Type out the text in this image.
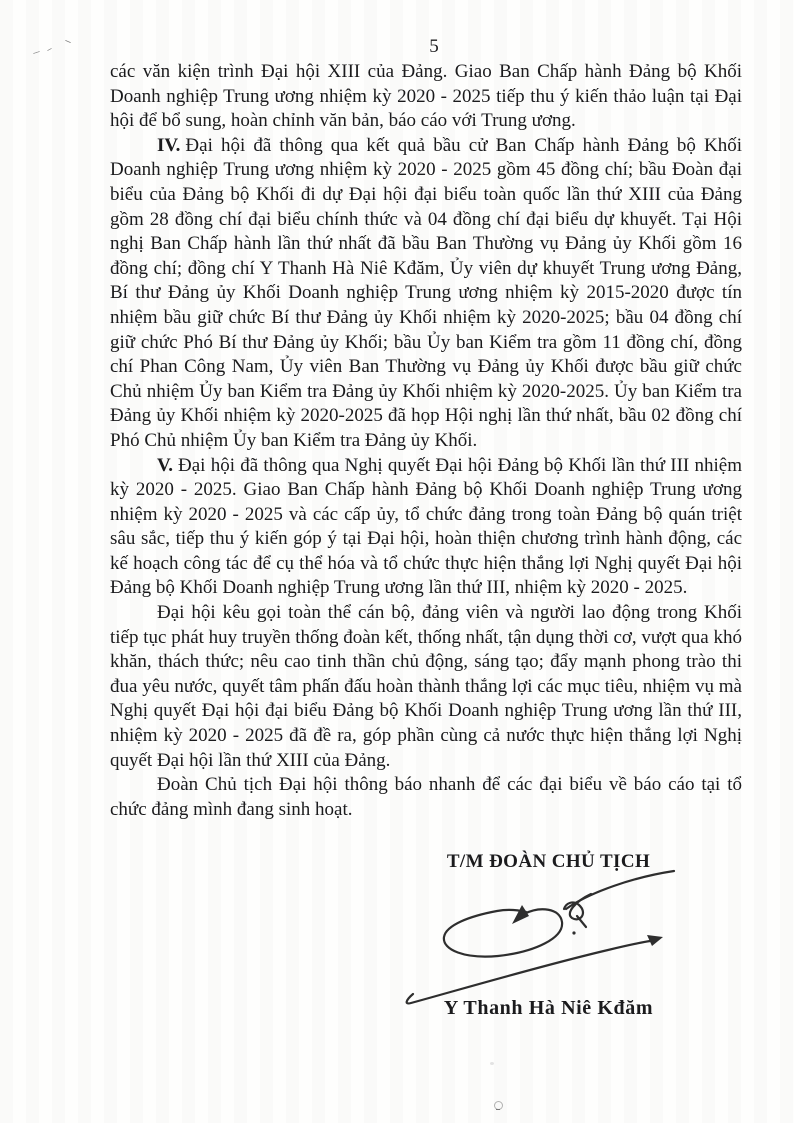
5

các văn kiện trình Đại hội XIII của Đảng. Giao Ban Chấp hành Đảng bộ Khối Doanh nghiệp Trung ương nhiệm kỳ 2020 - 2025 tiếp thu ý kiến thảo luận tại Đại hội để bổ sung, hoàn chỉnh văn bản, báo cáo với Trung ương.

IV. Đại hội đã thông qua kết quả bầu cử Ban Chấp hành Đảng bộ Khối Doanh nghiệp Trung ương nhiệm kỳ 2020 - 2025 gồm 45 đồng chí; bầu Đoàn đại biểu của Đảng bộ Khối đi dự Đại hội đại biểu toàn quốc lần thứ XIII của Đảng gồm 28 đồng chí đại biểu chính thức và 04 đồng chí đại biểu dự khuyết. Tại Hội nghị Ban Chấp hành lần thứ nhất đã bầu Ban Thường vụ Đảng ủy Khối gồm 16 đồng chí; đồng chí Y Thanh Hà Niê Kđăm, Ủy viên dự khuyết Trung ương Đảng, Bí thư Đảng ủy Khối Doanh nghiệp Trung ương nhiệm kỳ 2015-2020 được tín nhiệm bầu giữ chức Bí thư Đảng ủy Khối nhiệm kỳ 2020-2025; bầu 04 đồng chí giữ chức Phó Bí thư Đảng ủy Khối; bầu Ủy ban Kiểm tra gồm 11 đồng chí, đồng chí Phan Công Nam, Ủy viên Ban Thường vụ Đảng ủy Khối được bầu giữ chức Chủ nhiệm Ủy ban Kiểm tra Đảng ủy Khối nhiệm kỳ 2020-2025. Ủy ban Kiểm tra Đảng ủy Khối nhiệm kỳ 2020-2025 đã họp Hội nghị lần thứ nhất, bầu 02 đồng chí Phó Chủ nhiệm Ủy ban Kiểm tra Đảng ủy Khối.

V. Đại hội đã thông qua Nghị quyết Đại hội Đảng bộ Khối lần thứ III nhiệm kỳ 2020 - 2025. Giao Ban Chấp hành Đảng bộ Khối Doanh nghiệp Trung ương nhiệm kỳ 2020 - 2025 và các cấp ủy, tổ chức đảng trong toàn Đảng bộ quán triệt sâu sắc, tiếp thu ý kiến góp ý tại Đại hội, hoàn thiện chương trình hành động, các kế hoạch công tác để cụ thể hóa và tổ chức thực hiện thắng lợi Nghị quyết Đại hội Đảng bộ Khối Doanh nghiệp Trung ương lần thứ III, nhiệm kỳ 2020 - 2025.

Đại hội kêu gọi toàn thể cán bộ, đảng viên và người lao động trong Khối tiếp tục phát huy truyền thống đoàn kết, thống nhất, tận dụng thời cơ, vượt qua khó khăn, thách thức; nêu cao tinh thần chủ động, sáng tạo; đẩy mạnh phong trào thi đua yêu nước, quyết tâm phấn đấu hoàn thành thắng lợi các mục tiêu, nhiệm vụ mà Nghị quyết Đại hội đại biểu Đảng bộ Khối Doanh nghiệp Trung ương lần thứ III, nhiệm kỳ 2020 - 2025 đã đề ra, góp phần cùng cả nước thực hiện thắng lợi Nghị quyết Đại hội lần thứ XIII của Đảng.

Đoàn Chủ tịch Đại hội thông báo nhanh để các đại biểu về báo cáo tại tổ chức đảng mình đang sinh hoạt.

T/M ĐOÀN CHỦ TỊCH
Y Thanh Hà Niê Kđăm
